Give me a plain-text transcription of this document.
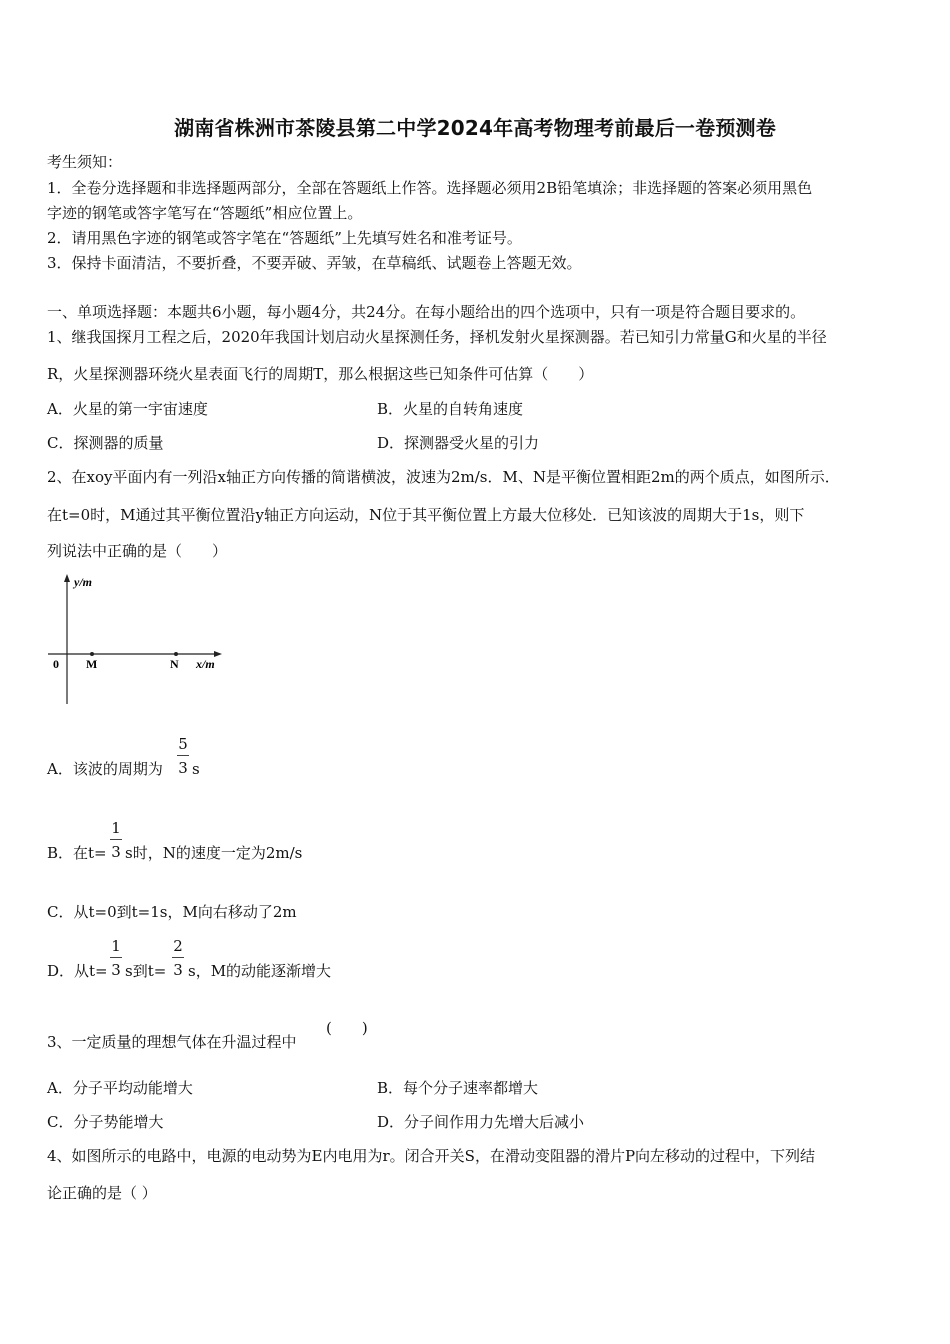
湖南省株洲市茶陵县第二中学2024年高考物理考前最后一卷预测卷
考生须知：
1．全卷分选择题和非选择题两部分，全部在答题纸上作答。选择题必须用2B铅笔填涂；非选择题的答案必须用黑色
字迹的钢笔或答字笔写在“答题纸”相应位置上。
2．请用黑色字迹的钢笔或答字笔在“答题纸”上先填写姓名和准考证号。
3．保持卡面清洁，不要折叠，不要弄破、弄皱，在草稿纸、试题卷上答题无效。
一、单项选择题：本题共6小题，每小题4分，共24分。在每小题给出的四个选项中，只有一项是符合题目要求的。
1、继我国探月工程之后，2020年我国计划启动火星探测任务，择机发射火星探测器。若已知引力常量G和火星的半径
R，火星探测器环绕火星表面飞行的周期T，那么根据这些已知条件可估算（　　）
A．火星的第一宇宙速度	B．火星的自转角速度
C．探测器的质量	D．探测器受火星的引力
2、在xoy平面内有一列沿x轴正方向传播的简谐横波，波速为2m/s．M、N是平衡位置相距2m的两个质点，如图所示．
在t=0时，M通过其平衡位置沿y轴正方向运动，N位于其平衡位置上方最大位移处．已知该波的周期大于1s，则下
列说法中正确的是（　　）
y/m
x/m
0 M	N
A．该波的周期为
5
3 s
B．在t=
1
3 s时，N的速度一定为2m/s
C．从t=0到t=1s，M向右移动了2m
D．从t=
1
3 s到t=
2
3 s，M的动能逐渐增大
3、一定质量的理想气体在升温过程中
(　　)
A．分子平均动能增大	B．每个分子速率都增大
C．分子势能增大	D．分子间作用力先增大后减小
4、如图所示的电路中，电源的电动势为E内电用为r。闭合开关S，在滑动变阻器的滑片P向左移动的过程中，下列结
论正确的是（ ）
